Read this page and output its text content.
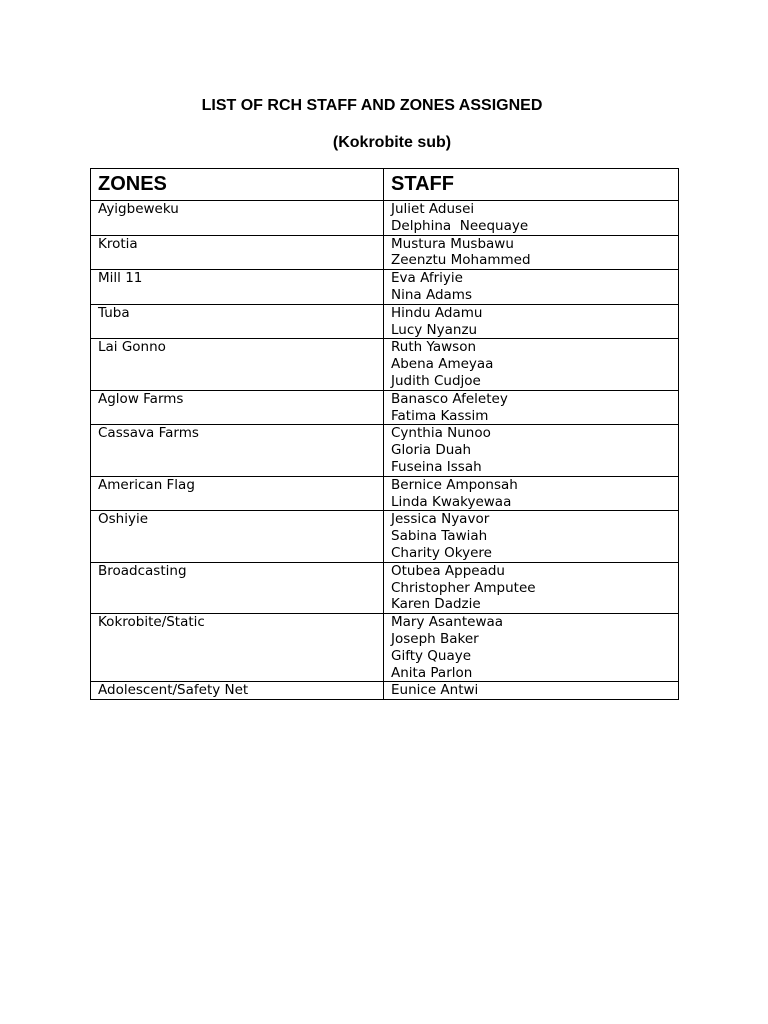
LIST OF RCH STAFF AND ZONES ASSIGNED
(Kokrobite sub)
ZONES	STAFF
Ayigbeweku	Juliet Adusei
Delphina  Neequaye

Krotia	Mustura Musbawu
Zeenztu Mohammed

Mill 11	Eva Afriyie
Nina Adams

Tuba	Hindu Adamu
Lucy Nyanzu

Lai Gonno	Ruth Yawson
Abena Ameyaa
Judith Cudjoe

Aglow Farms	Banasco Afeletey
Fatima Kassim

Cassava Farms	Cynthia Nunoo
Gloria Duah
Fuseina Issah

American Flag	Bernice Amponsah
Linda Kwakyewaa

Oshiyie	Jessica Nyavor
Sabina Tawiah
Charity Okyere

Broadcasting	Otubea Appeadu
Christopher Amputee
Karen Dadzie

Kokrobite/Static	Mary Asantewaa
Joseph Baker
Gifty Quaye
Anita Parlon

Adolescent/Safety Net	Eunice Antwi
